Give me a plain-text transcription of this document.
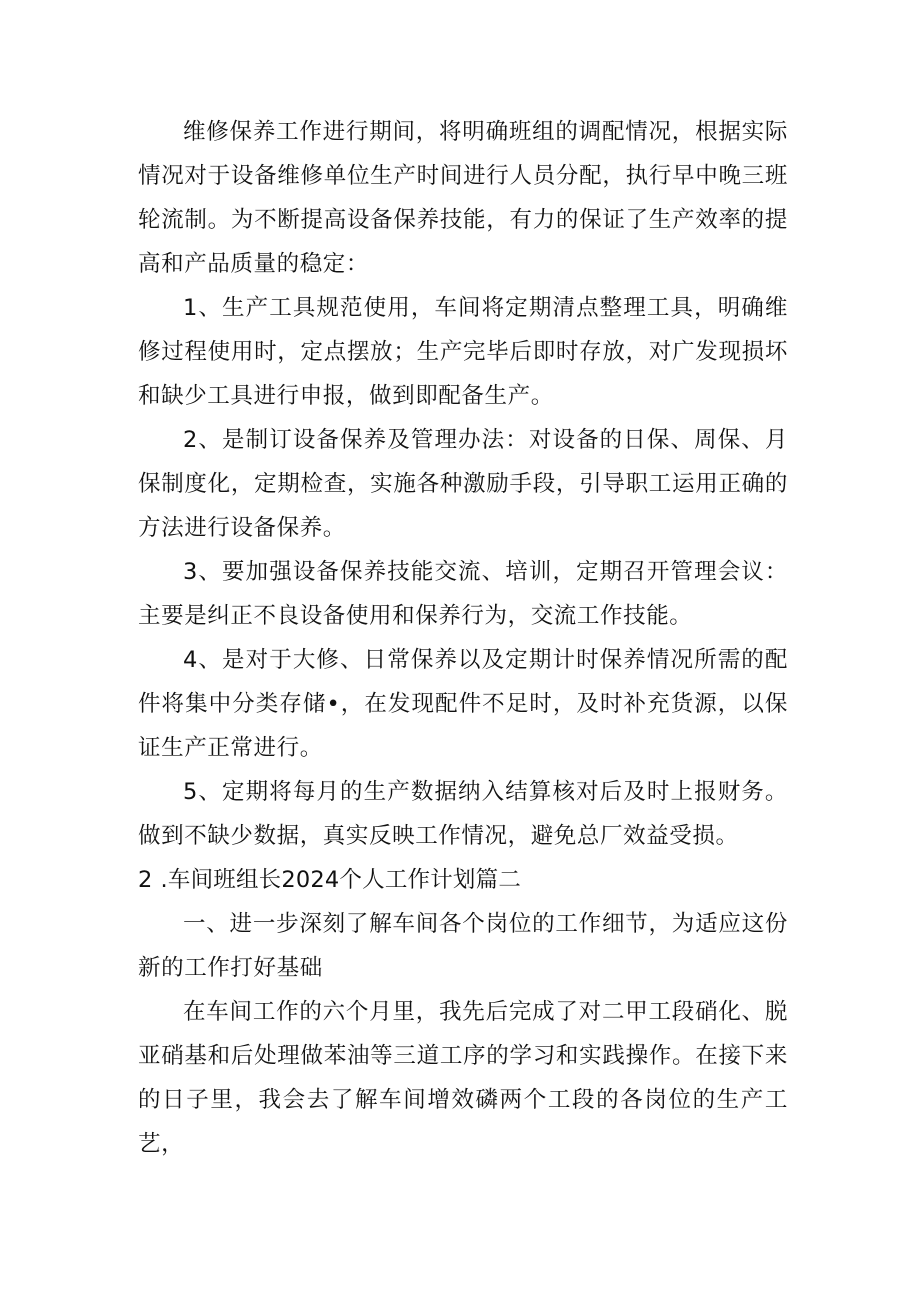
维修保养工作进行期间，将明确班组的调配情况，根据实际情况对于设备维修单位生产时间进行人员分配，执行早中晚三班轮流制。为不断提高设备保养技能，有力的保证了生产效率的提高和产品质量的稳定：

1、生产工具规范使用，车间将定期清点整理工具，明确维修过程使用时，定点摆放；生产完毕后即时存放，对广发现损坏和缺少工具进行申报，做到即配备生产。

2、是制订设备保养及管理办法：对设备的日保、周保、月保制度化，定期检查，实施各种激励手段，引导职工运用正确的方法进行设备保养。

3、要加强设备保养技能交流、培训，定期召开管理会议：主要是纠正不良设备使用和保养行为，交流工作技能。

4、是对于大修、日常保养以及定期计时保养情况所需的配件将集中分类存储•，在发现配件不足时，及时补充货源，以保证生产正常进行。

5、定期将每月的生产数据纳入结算核对后及时上报财务。做到不缺少数据，真实反映工作情况，避免总厂效益受损。

2 .车间班组长2024个人工作计划篇二

一、进一步深刻了解车间各个岗位的工作细节，为适应这份新的工作打好基础

在车间工作的六个月里，我先后完成了对二甲工段硝化、脱亚硝基和后处理做苯油等三道工序的学习和实践操作。在接下来的日子里，我会去了解车间增效磷两个工段的各岗位的生产工艺，
